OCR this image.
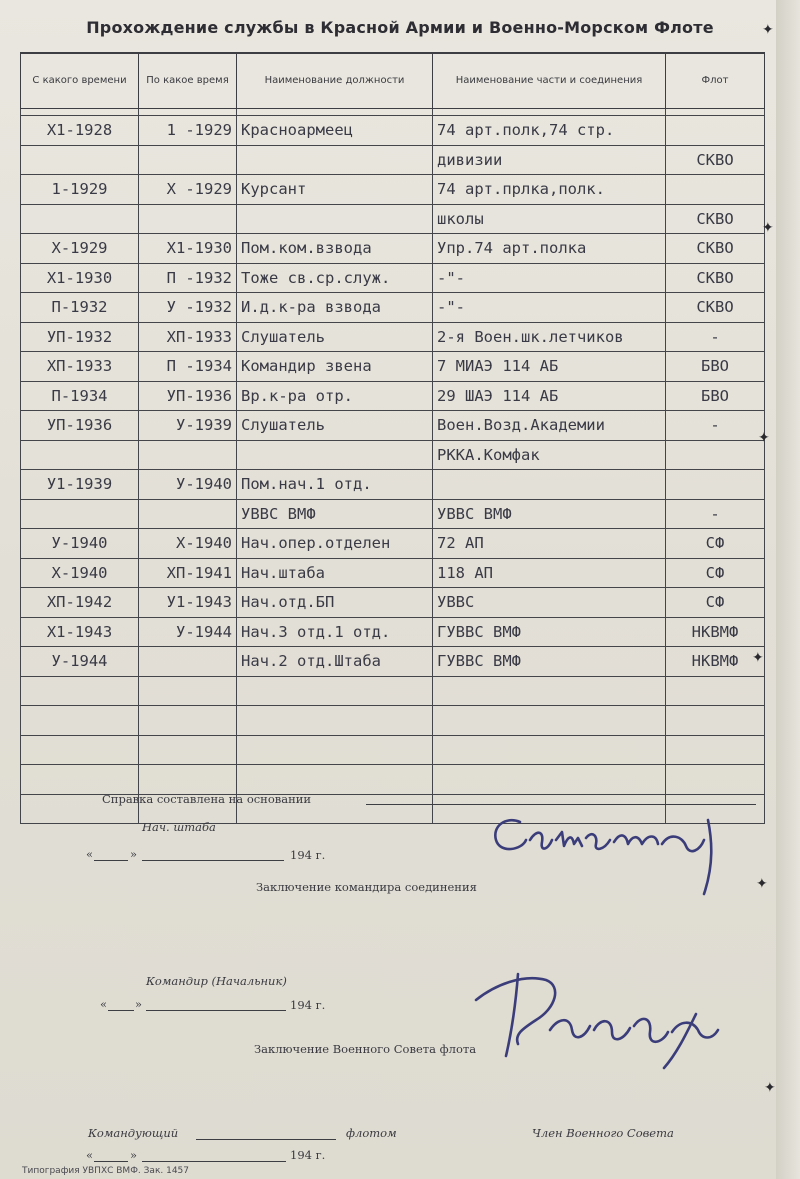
Прохождение службы в Красной Армии и Военно-Морском Флоте
С какого времени	По какое время	Наименование должности	Наименование части и соединения	Флот

Х1-1928	1 -1929	Красноармеец	74 арт.полк,74 стр.	
			дивизии	СКВО
1-1929	Х -1929	Курсант	74 арт.прлка,полк.	
			школы	СКВО
Х-1929	Х1-1930	Пом.ком.взвода	Упр.74 арт.полка	СКВО
Х1-1930	П -1932	Тоже св.ср.служ.	-"-	СКВО
П-1932	У -1932	И.д.к-ра взвода	-"-	СКВО
УП-1932	ХП-1933	Слушатель	2-я Воен.шк.летчиков	-
ХП-1933	П -1934	Командир звена	7 МИАЭ 114 АБ	БВО
П-1934	УП-1936	Вр.к-ра отр.	29 ШАЭ 114 АБ	БВО
УП-1936	У-1939	Слушатель	Воен.Возд.Академии	-
			РККА.Комфак	
У1-1939	У-1940	Пом.нач.1 отд.		
		УВВС ВМФ	УВВС ВМФ	-
У-1940	Х-1940	Нач.опер.отделен	72 АП	СФ
Х-1940	ХП-1941	Нач.штаба	118 АП	СФ
ХП-1942	У1-1943	Нач.отд.БП	УВВС	СФ
Х1-1943	У-1944	Нач.3 отд.1 отд.	ГУВВС ВМФ	НКВМФ
У-1944		Нач.2 отд.Штаба	ГУВВС ВМФ	НКВМФ

Справка составлена на основании
Нач. штаба
«	»	194 г.
Заключение командира соединения
Командир (Начальник)
« »	194 г.
Заключение Военного Совета флота
Командующий	флотом	Член Военного Совета
«	»	194 г.
✦
✦
✦
✦
✦
✦
Типография УВПХС ВМФ. Зак. 1457
